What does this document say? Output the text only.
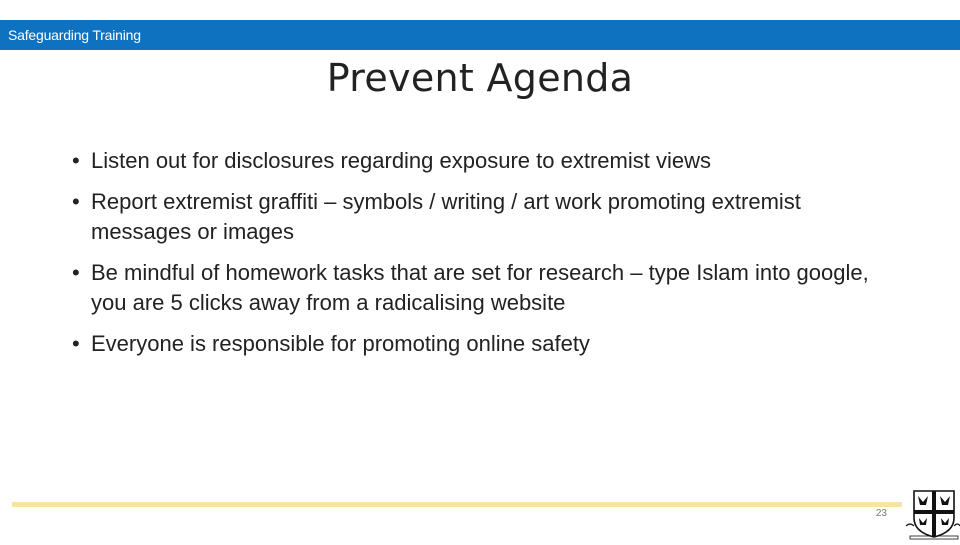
Safeguarding Training
Prevent Agenda
• Listen out for disclosures regarding exposure to extremist views
• Report extremist graffiti – symbols / writing / art work promoting extremist messages or images
• Be mindful of homework tasks that are set for research – type Islam into google, you are 5 clicks away from a radicalising website
• Everyone is responsible for promoting online safety
23
